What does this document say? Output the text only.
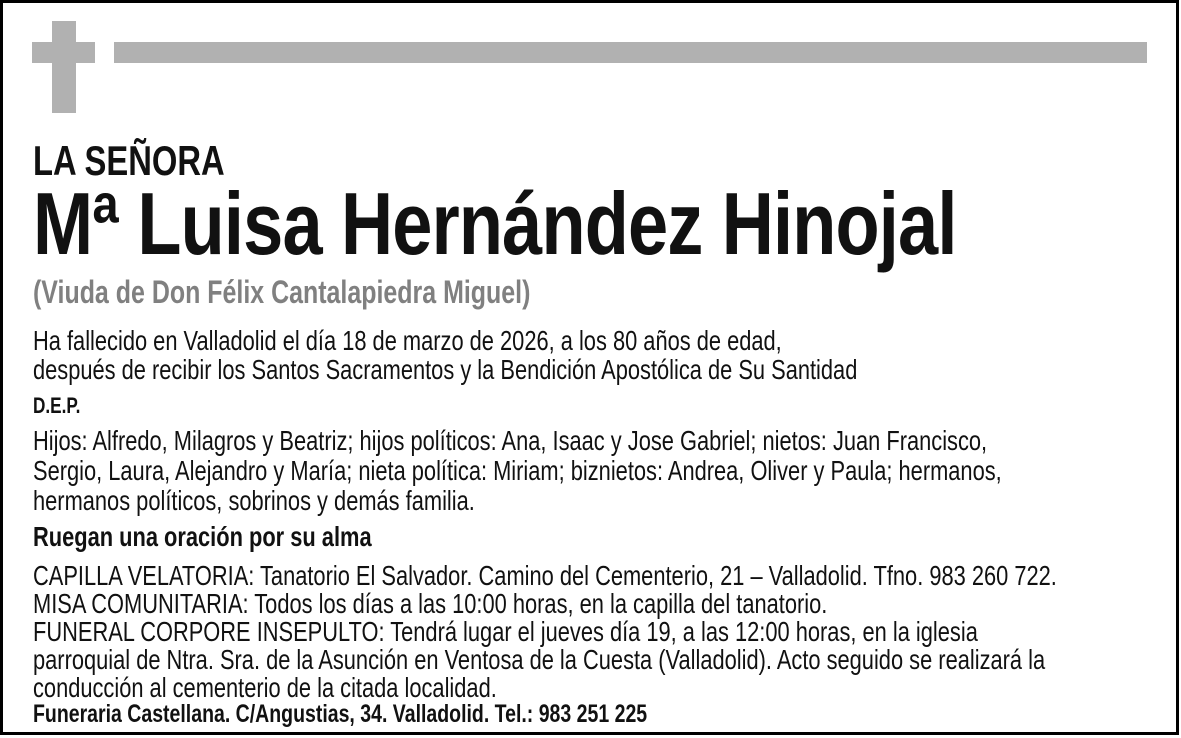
LA SEÑORA
Mª Luisa Hernández Hinojal
(Viuda de Don Félix Cantalapiedra Miguel)
Ha fallecido en Valladolid el día 18 de marzo de 2026, a los 80 años de edad,
después de recibir los Santos Sacramentos y la Bendición Apostólica de Su Santidad
D.E.P.
Hijos: Alfredo, Milagros y Beatriz; hijos políticos: Ana, Isaac y Jose Gabriel; nietos: Juan Francisco,
Sergio, Laura, Alejandro y María; nieta política: Miriam; biznietos: Andrea, Oliver y Paula; hermanos,
hermanos políticos, sobrinos y demás familia.
Ruegan una oración por su alma
CAPILLA VELATORIA: Tanatorio El Salvador. Camino del Cementerio, 21 – Valladolid. Tfno. 983 260 722.
MISA COMUNITARIA: Todos los días a las 10:00 horas, en la capilla del tanatorio.
FUNERAL CORPORE INSEPULTO: Tendrá lugar el jueves día 19, a las 12:00 horas, en la iglesia
parroquial de Ntra. Sra. de la Asunción en Ventosa de la Cuesta (Valladolid). Acto seguido se realizará la
conducción al cementerio de la citada localidad.
Funeraria Castellana. C/Angustias, 34. Valladolid. Tel.: 983 251 225
